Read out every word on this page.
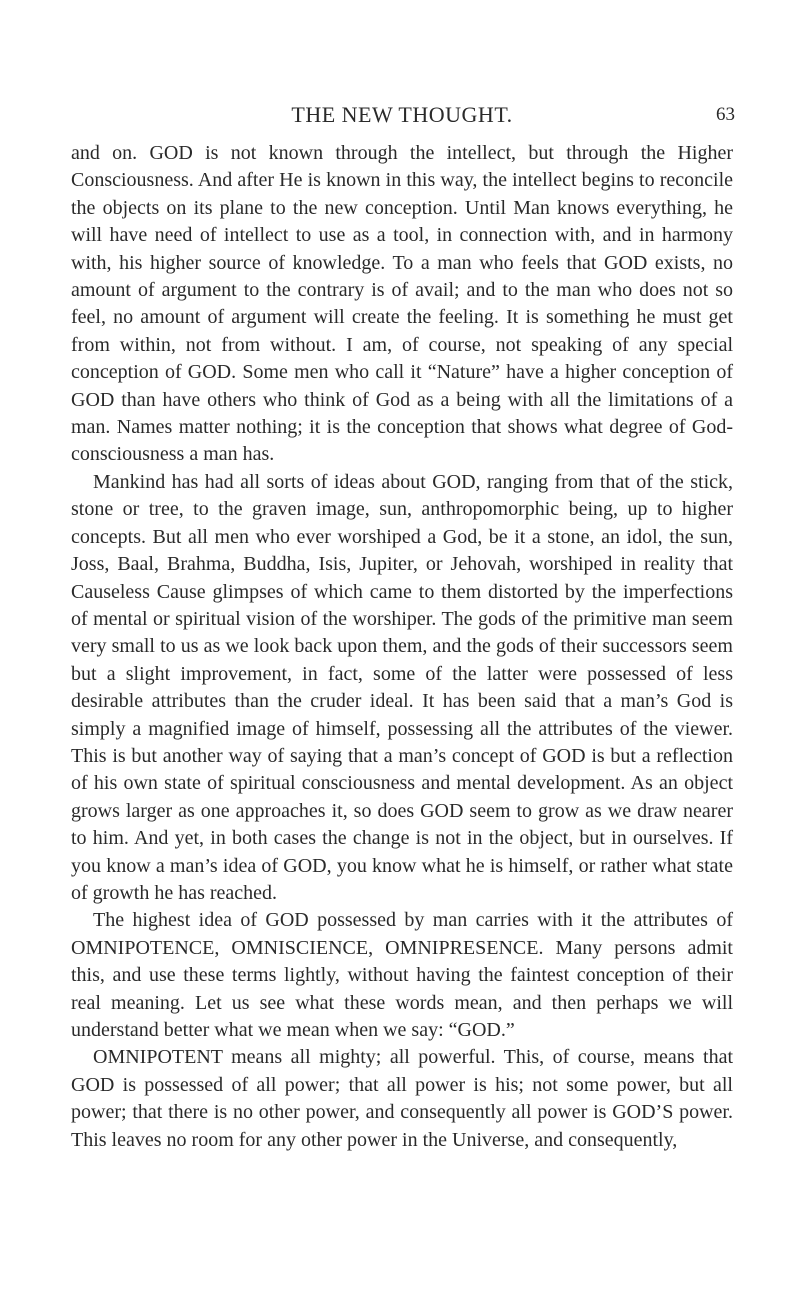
THE NEW THOUGHT.	63

and on. GOD is not known through the intellect, but through the Higher Consciousness. And after He is known in this way, the intellect begins to reconcile the objects on its plane to the new conception. Until Man knows everything, he will have need of intellect to use as a tool, in connection with, and in harmony with, his higher source of knowledge. To a man who feels that GOD exists, no amount of argument to the contrary is of avail; and to the man who does not so feel, no amount of argument will create the feeling. It is something he must get from within, not from without. I am, of course, not speaking of any special conception of GOD. Some men who call it “Nature” have a higher conception of GOD than have others who think of God as a being with all the limitations of a man. Names matter nothing; it is the conception that shows what degree of God-consciousness a man has.

Mankind has had all sorts of ideas about GOD, ranging from that of the stick, stone or tree, to the graven image, sun, anthropomorphic being, up to higher concepts. But all men who ever worshiped a God, be it a stone, an idol, the sun, Joss, Baal, Brahma, Buddha, Isis, Jupiter, or Jehovah, worshiped in reality that Causeless Cause glimpses of which came to them distorted by the imperfections of mental or spiritual vision of the worshiper. The gods of the primitive man seem very small to us as we look back upon them, and the gods of their successors seem but a slight improvement, in fact, some of the latter were possessed of less desirable attributes than the cruder ideal. It has been said that a man’s God is simply a magnified image of himself, possessing all the attributes of the viewer. This is but another way of saying that a man’s concept of GOD is but a reflection of his own state of spiritual consciousness and mental development. As an object grows larger as one approaches it, so does GOD seem to grow as we draw nearer to him. And yet, in both cases the change is not in the object, but in ourselves. If you know a man’s idea of GOD, you know what he is himself, or rather what state of growth he has reached.

The highest idea of GOD possessed by man carries with it the attributes of OMNIPOTENCE, OMNISCIENCE, OMNIPRESENCE. Many persons admit this, and use these terms lightly, without having the faintest conception of their real meaning. Let us see what these words mean, and then perhaps we will understand better what we mean when we say: “GOD.”

OMNIPOTENT means all mighty; all powerful. This, of course, means that GOD is possessed of all power; that all power is his; not some power, but all power; that there is no other power, and consequently all power is GOD’S power. This leaves no room for any other power in the Universe, and consequently,
